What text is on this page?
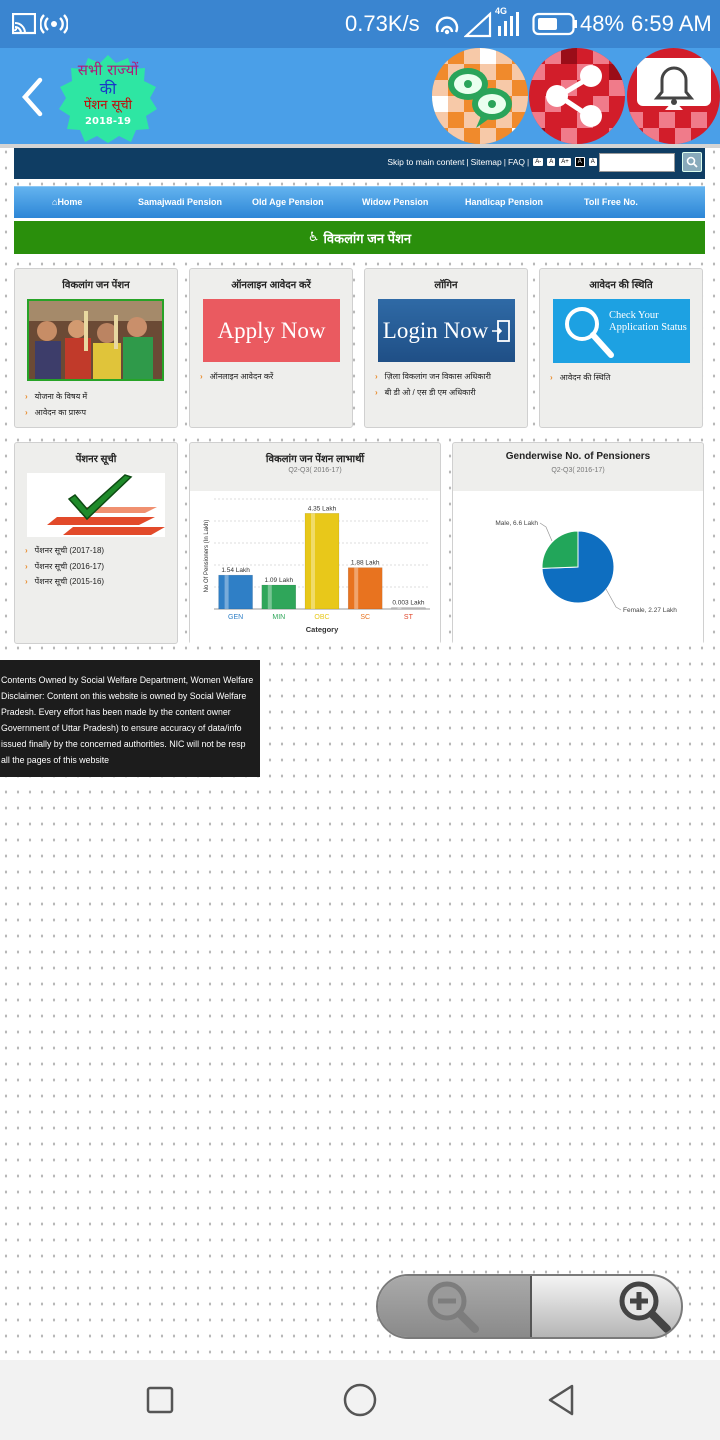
0.73K/s	4G	48% 6:59 AM
सभी राज्यों
की
पेंशन सूची
2018-19
Skip to main content | Sitemap | FAQ |	A-	A	A+	A	A
⌂Home	Samajwadi Pension	Old Age Pension	Widow Pension	Handicap Pension	Toll Free No.
♿ विकलांग जन पेंशन
विकलांग जन पेंशन
› योजना के विषय में
› आवेदन का प्रारूप
ऑनलाइन आवेदन करें
Apply Now
› ऑनलाइन आवेदन करें
लॉगिन
Login Now
› ज़िला विकलांग जन विकास अधिकारी
› बी डी ओ / एस डी एम अधिकारी
आवेदन की स्थिति
Check Your
Application Status
› आवेदन की स्थिति
पेंशनर सूची
› पेंशनर सूची (2017-18)
› पेंशनर सूची (2016-17)
› पेंशनर सूची (2015-16)
विकलांग जन पेंशन लाभार्थी
Q2-Q3( 2016-17)
1.54 Lakh
GEN
1.09 Lakh
MIN
4.35 Lakh
OBC
1.88 Lakh
SC
0.003 Lakh
ST
Category
No Of Pensioners (In Lakh)
Genderwise No. of Pensioners
Q2-Q3( 2016-17)
Male, 6.6 Lakh
Female, 2.27 Lakh
Contents Owned by Social Welfare Department, Women Welfare
Disclaimer: Content on this website is owned by Social Welfare
Pradesh. Every effort has been made by the content owner
Government of Uttar Pradesh) to ensure accuracy of data/info
issued finally by the concerned authorities. NIC will not be resp
all the pages of this website
